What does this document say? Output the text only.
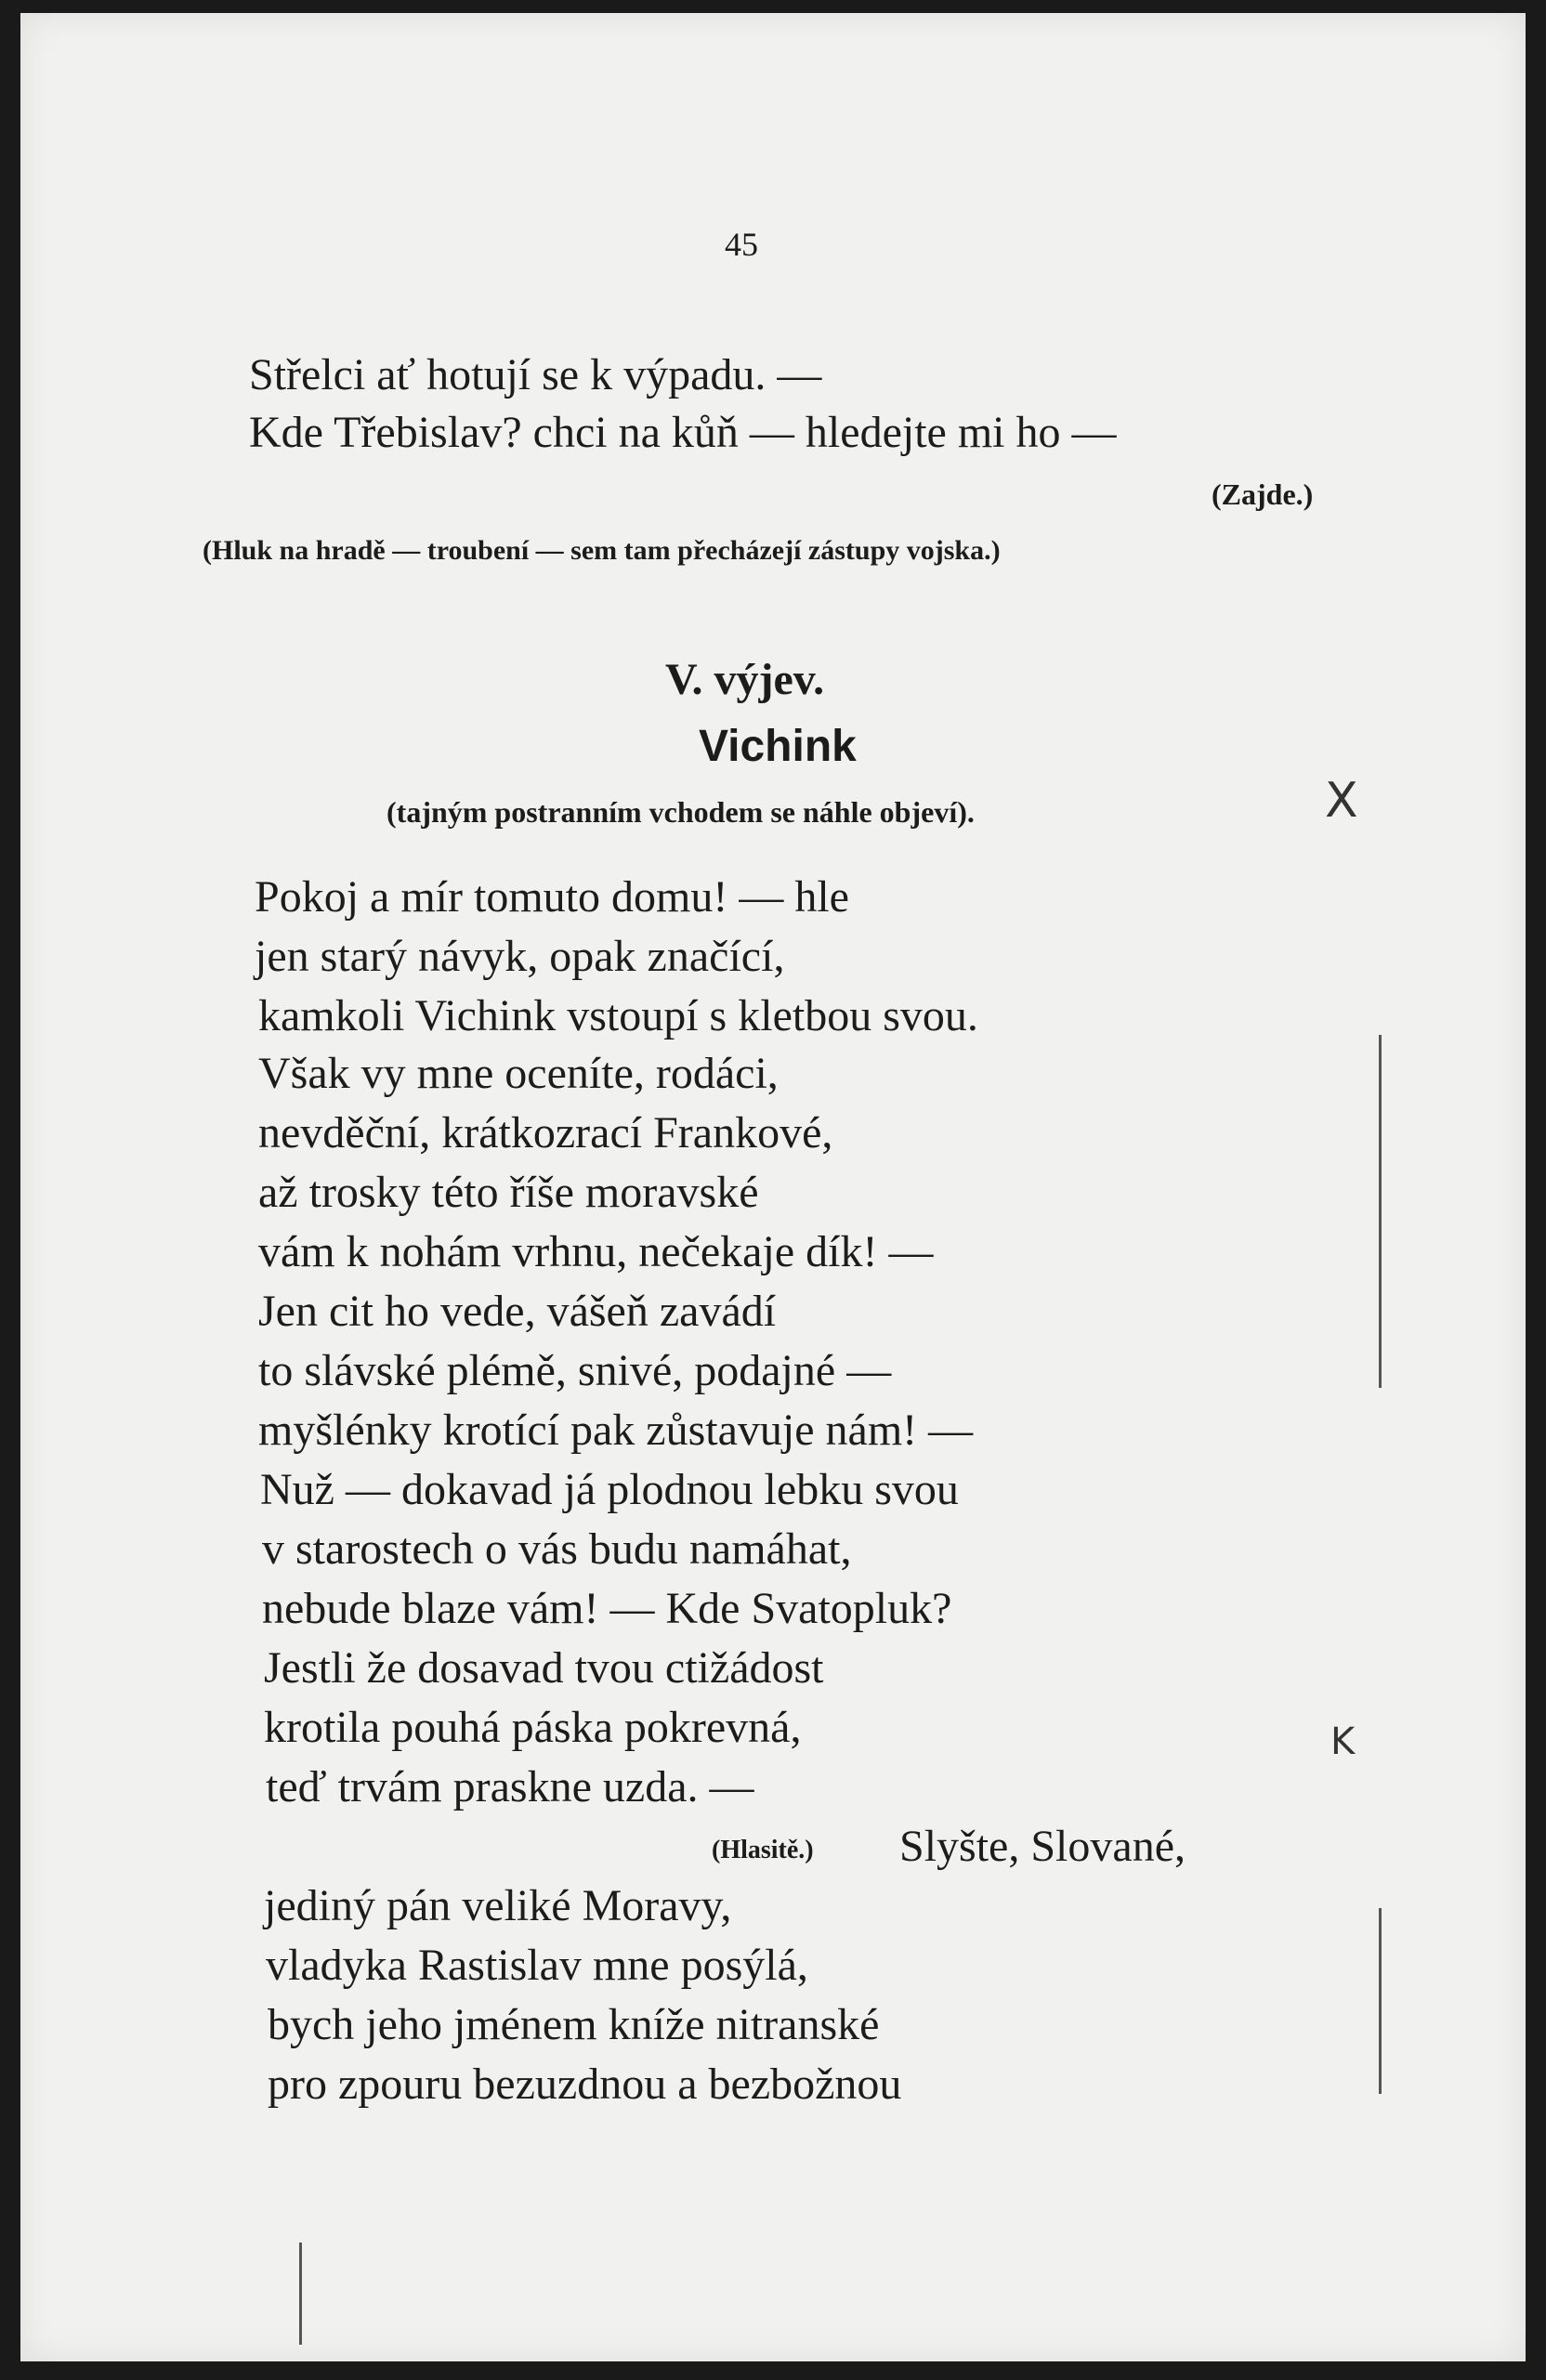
45
Střelci ať hotují se k výpadu. —
Kde Třebislav? chci na kůň — hledejte mi ho —
(Zajde.)
(Hluk na hradě — troubení — sem tam přecházejí zástupy vojska.)
V. výjev.
Vichink
(tajným postranním vchodem se náhle objeví).
Pokoj a mír tomuto domu! — hle
jen starý návyk, opak značící,
kamkoli Vichink vstoupí s kletbou svou.
Však vy mne oceníte, rodáci,
nevděční, krátkozrací Frankové,
až trosky této říše moravské
vám k nohám vrhnu, nečekaje dík! —
Jen cit ho vede, vášeň zavádí
to slávské plémě, snivé, podajné —
myšlénky krotící pak zůstavuje nám! —
Nuž — dokavad já plodnou lebku svou
v starostech o vás budu namáhat,
nebude blaze vám! — Kde Svatopluk?
Jestli že dosavad tvou ctižádost
krotila pouhá páska pokrevná,
teď trvám praskne uzda. —
(Hlasitě.) Slyšte, Slované,
jediný pán veliké Moravy,
vladyka Rastislav mne posýlá,
bych jeho jménem kníže nitranské
pro zpouru bezuzdnou a bezbožnou
X
K
